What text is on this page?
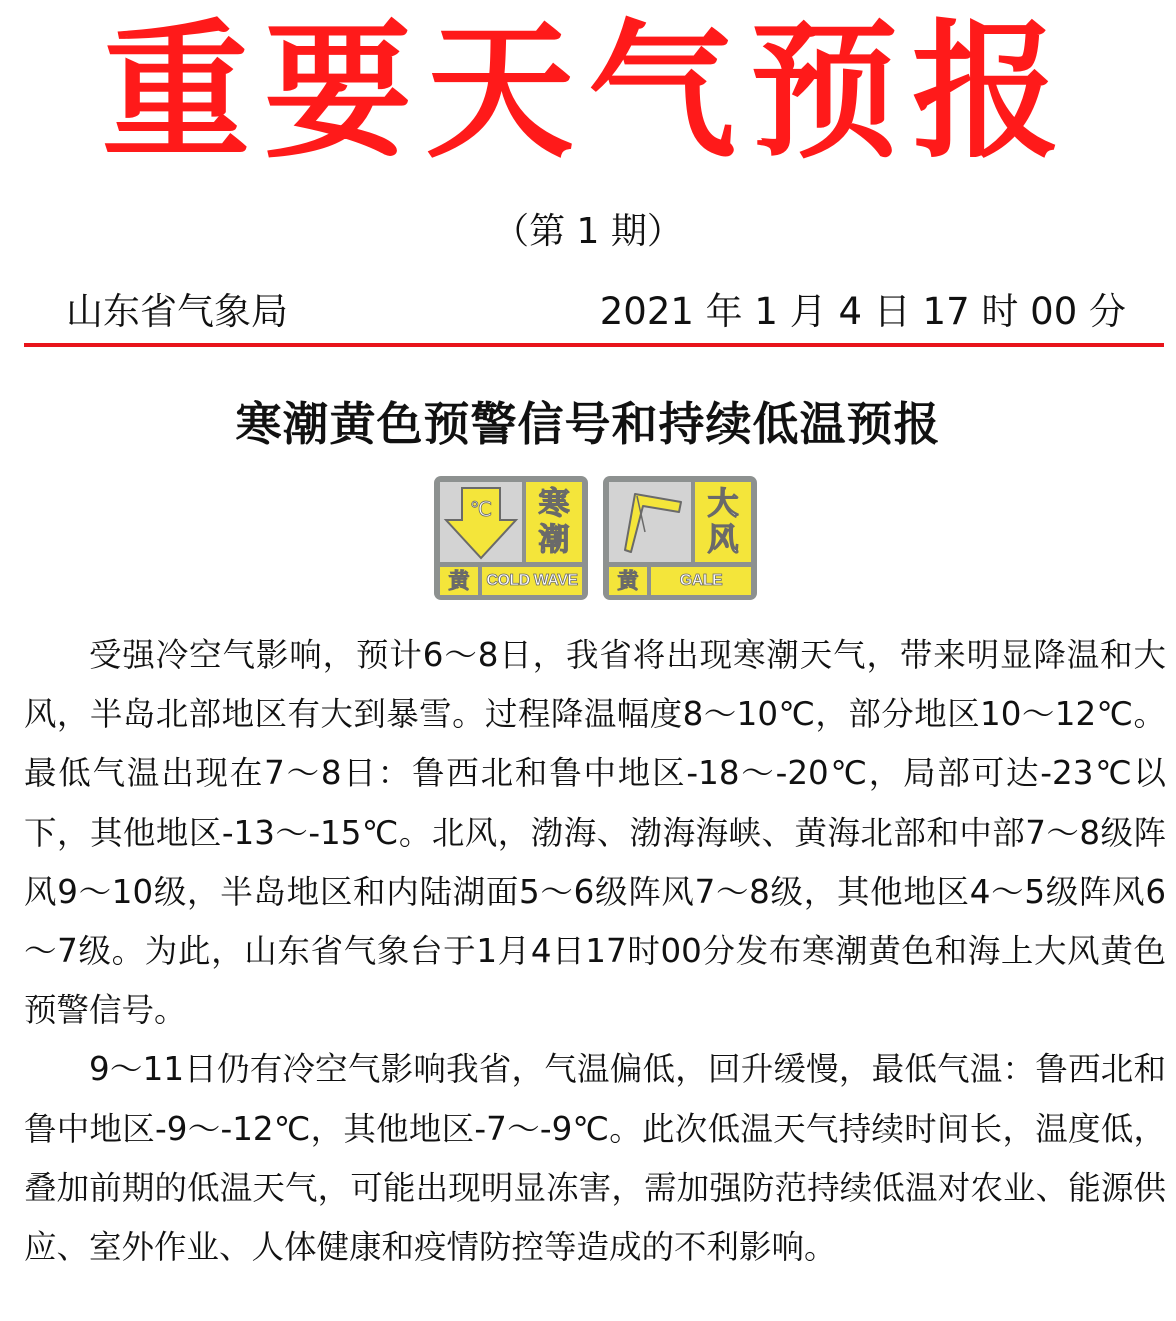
重要天气预报
（第 1 期）
山东省气象局	2021 年 1 月 4 日 17 时 00 分
寒潮黄色预警信号和持续低温预报
℃ 寒
潮
黄	COLD WAVE
大
风
黄	GALE

受强冷空气影响，预计6～8日，我省将出现寒潮天气，带来明显降温和大风，半岛北部地区有大到暴雪。过程降温幅度8～10℃，部分地区10～12℃。最低气温出现在7～8日：鲁西北和鲁中地区-18～-20℃，局部可达-23℃以下，其他地区-13～-15℃。北风，渤海、渤海海峡、黄海北部和中部7～8级阵风9～10级，半岛地区和内陆湖面5～6级阵风7～8级，其他地区4～5级阵风6～7级。为此，山东省气象台于1月4日17时00分发布寒潮黄色和海上大风黄色预警信号。

9～11日仍有冷空气影响我省，气温偏低，回升缓慢，最低气温：鲁西北和鲁中地区-9～-12℃，其他地区-7～-9℃。此次低温天气持续时间长，温度低，叠加前期的低温天气，可能出现明显冻害，需加强防范持续低温对农业、能源供应、室外作业、人体健康和疫情防控等造成的不利影响。
